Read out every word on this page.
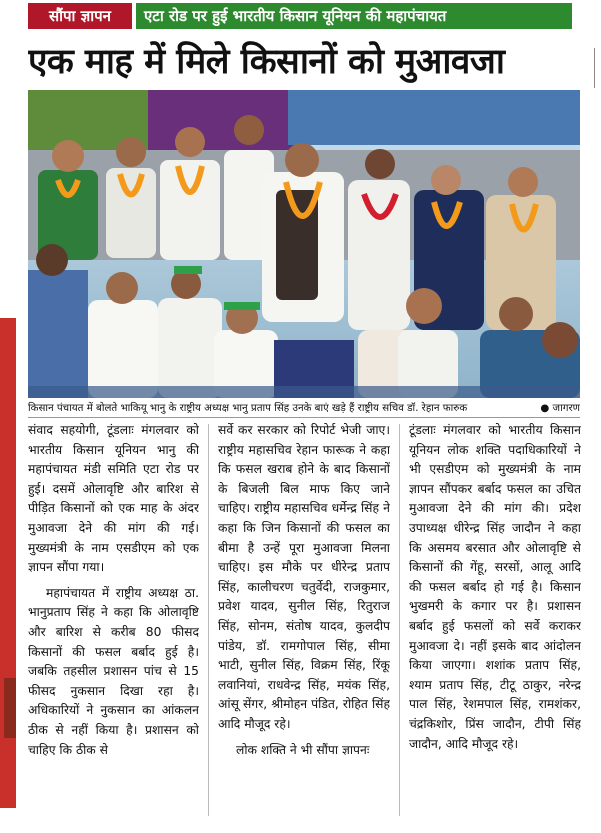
सौंपा ज्ञापन	एटा रोड पर हुई भारतीय किसान यूनियन की महापंचायत
एक माह में मिले किसानों को मुआवजा
किसान पंचायत में बोलते भाकियू भानु के राष्ट्रीय अध्यक्ष भानु प्रताप सिंह उनके बाएं खड़े हैं राष्ट्रीय सचिव डॉ. रेहान फारुक	● जागरण

संवाद सहयोगी, टूंडलाः मंगलवार को भारतीय किसान यूनियन भानु की महापंचायत मंडी समिति एटा रोड पर हुई। दसमें ओलावृष्टि और बारिश से पीड़ित किसानों को एक माह के अंदर मुआवजा देने की मांग की गई। मुख्यमंत्री के नाम एसडीएम को एक ज्ञापन सौंपा गया।

महापंचायत में राष्ट्रीय अध्यक्ष ठा. भानुप्रताप सिंह ने कहा कि ओलावृष्टि और बारिश से करीब 80 फीसद किसानों की फसल बर्बाद हुई है। जबकि तहसील प्रशासन पांच से 15 फीसद नुकसान दिखा रहा है। अधिकारियों ने नुकसान का आंकलन ठीक से नहीं किया है। प्रशासन को चाहिए कि ठीक से

सर्वे कर सरकार को रिपोर्ट भेजी जाए। राष्ट्रीय महासचिव रेहान फारूक ने कहा कि फसल खराब होने के बाद किसानों के बिजली बिल माफ किए जाने चाहिए। राष्ट्रीय महासचिव धर्मेन्द्र सिंह ने कहा कि जिन किसानों की फसल का बीमा है उन्हें पूरा मुआवजा मिलना चाहिए। इस मौके पर धीरेन्द्र प्रताप सिंह, कालीचरण चतुर्वेदी, राजकुमार, प्रवेश यादव, सुनील सिंह, रितुराज सिंह, सोनम, संतोष यादव, कुलदीप पांडेय, डॉ. रामगोपाल सिंह, सीमा भाटी, सुनील सिंह, विक्रम सिंह, रिंकू लवानियां, राधवेन्द्र सिंह, मयंक सिंह, आंसू सेंगर, श्रीमोहन पंडित, रोहित सिंह आदि मौजूद रहे।

लोक शक्ति ने भी सौंपा ज्ञापनः

टूंडलाः मंगलवार को भारतीय किसान यूनियन लोक शक्ति पदाधिकारियों ने भी एसडीएम को मुख्यमंत्री के नाम ज्ञापन सौंपकर बर्बाद फसल का उचित मुआवजा देने की मांग की। प्रदेश उपाध्यक्ष धीरेन्द्र सिंह जादौन ने कहा कि असमय बरसात और ओलावृष्टि से किसानों की गेंहू, सरसों, आलू आदि की फसल बर्बाद हो गई है। किसान भुखमरी के कगार पर है। प्रशासन बर्बाद हुई फसलों को सर्वे कराकर मुआवजा दे। नहीं इसके बाद आंदोलन किया जाएगा। शशांक प्रताप सिंह, श्याम प्रताप सिंह, टीटू ठाकुर, नरेन्द्र पाल सिंह, रेशमपाल सिंह, रामशंकर, चंद्रकिशोर, प्रिंस जादौन, टीपी सिंह जादौन, आदि मौजूद रहे।
